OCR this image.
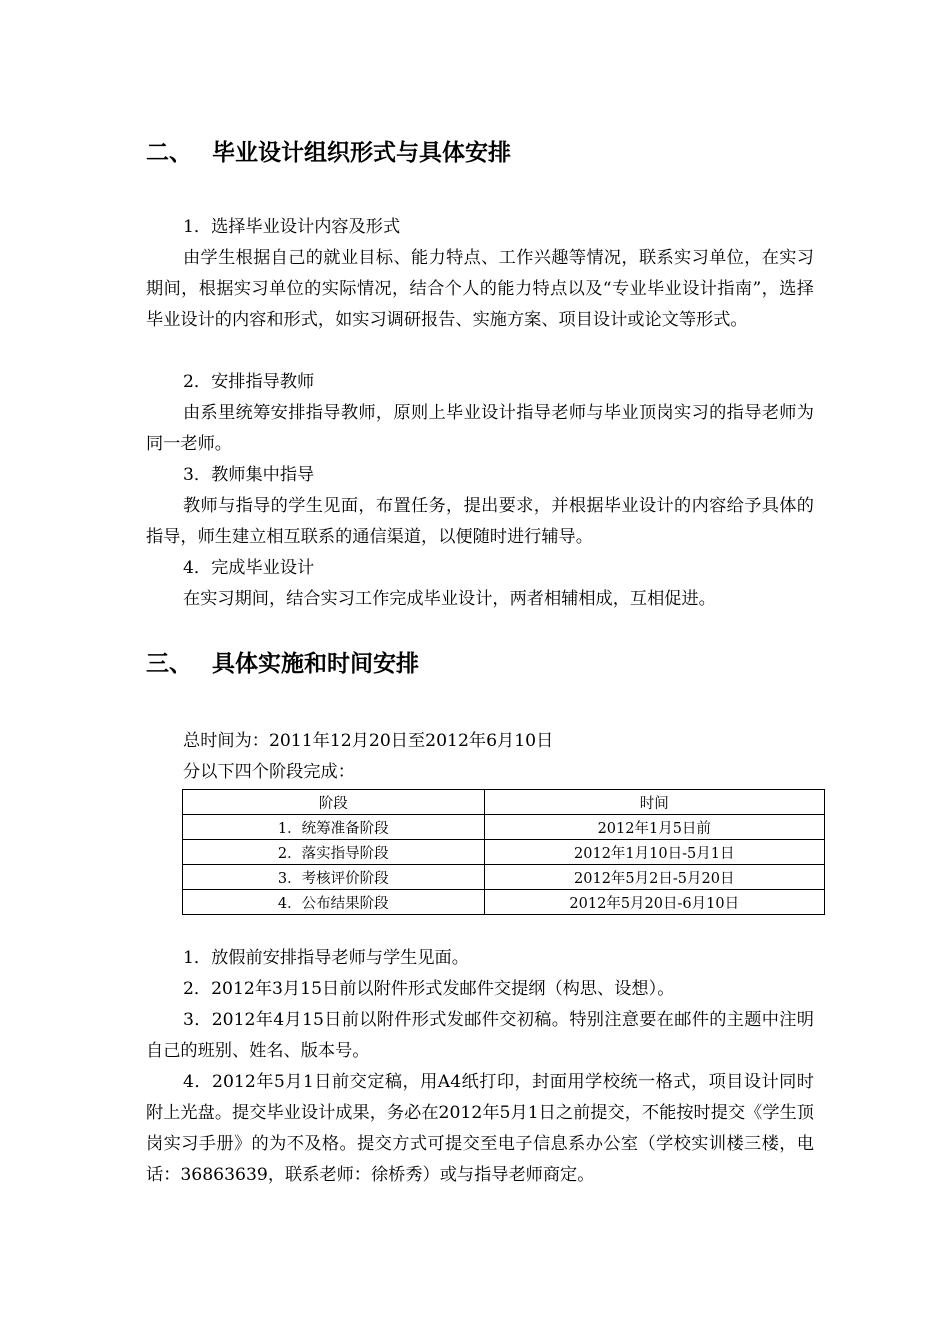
二、 毕业设计组织形式与具体安排

1．选择毕业设计内容及形式

由学生根据自己的就业目标、能力特点、工作兴趣等情况，联系实习单位，在实习期间，根据实习单位的实际情况，结合个人的能力特点以及“专业毕业设计指南”，选择毕业设计的内容和形式，如实习调研报告、实施方案、项目设计或论文等形式。

2．安排指导教师

由系里统筹安排指导教师，原则上毕业设计指导老师与毕业顶岗实习的指导老师为同一老师。

3．教师集中指导

教师与指导的学生见面，布置任务，提出要求，并根据毕业设计的内容给予具体的指导，师生建立相互联系的通信渠道，以便随时进行辅导。

4．完成毕业设计

在实习期间，结合实习工作完成毕业设计，两者相辅相成，互相促进。

三、 具体实施和时间安排

总时间为：2011年12月20日至2012年6月10日

分以下四个阶段完成：

阶段	时间
1．统筹准备阶段	2012年1月5日前
2．落实指导阶段	2012年1月10日-5月1日
3．考核评价阶段	2012年5月2日-5月20日
4．公布结果阶段	2012年5月20日-6月10日

1．放假前安排指导老师与学生见面。

2．2012年3月15日前以附件形式发邮件交提纲（构思、设想）。

3．2012年4月15日前以附件形式发邮件交初稿。特别注意要在邮件的主题中注明自己的班别、姓名、版本号。

4．2012年5月1日前交定稿，用A4纸打印，封面用学校统一格式，项目设计同时附上光盘。提交毕业设计成果，务必在2012年5月1日之前提交，不能按时提交《学生顶岗实习手册》的为不及格。提交方式可提交至电子信息系办公室（学校实训楼三楼，电话：36863639，联系老师：徐桥秀）或与指导老师商定。
